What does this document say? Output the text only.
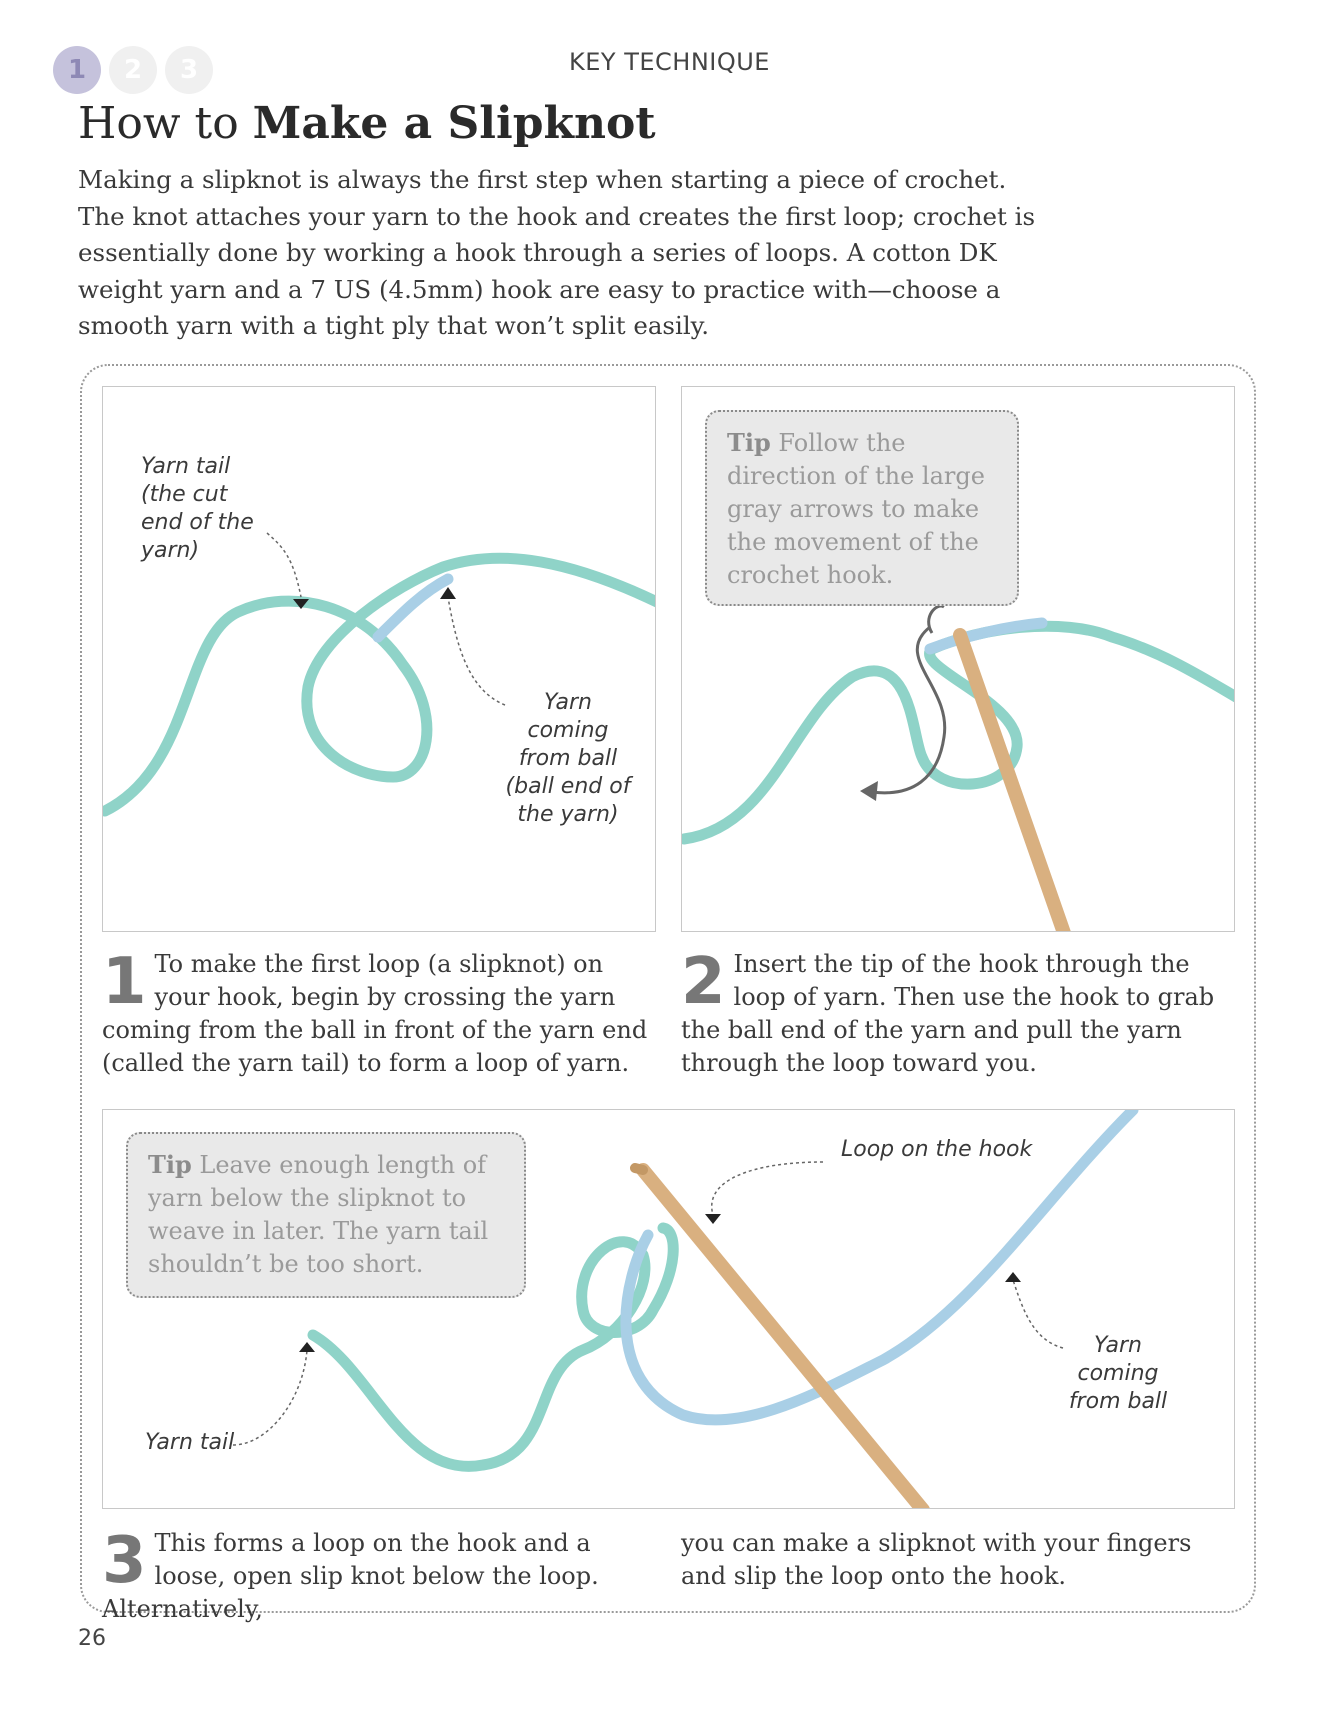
1	2	3	KEY TECHNIQUE
How to Make a Slipknot

Making a slipknot is always the first step when starting a piece of crochet. The knot attaches your yarn to the hook and creates the first loop; crochet is essentially done by working a hook through a series of loops. A cotton DK weight yarn and a 7 US (4.5mm) hook are easy to practice with—choose a smooth yarn with a tight ply that won’t split easily.

Yarn tail (the cut end of the yarn)
Yarn coming from ball (ball end of the yarn)
Tip Follow the direction of the large gray arrows to make the movement of the crochet hook.

1 To make the first loop (a slipknot) on your hook, begin by crossing the yarn coming from the ball in front of the yarn end (called the yarn tail) to form a loop of yarn.

2 Insert the tip of the hook through the loop of yarn. Then use the hook to grab the ball end of the yarn and pull the yarn through the loop toward you.

Tip Leave enough length of yarn below the slipknot to weave in later. The yarn tail shouldn’t be too short.
Loop on the hook
Yarn coming from ball
Yarn tail

3 This forms a loop on the hook and a loose, open slip knot below the loop. Alternatively,

you can make a slipknot with your fingers and slip the loop onto the hook.

26
